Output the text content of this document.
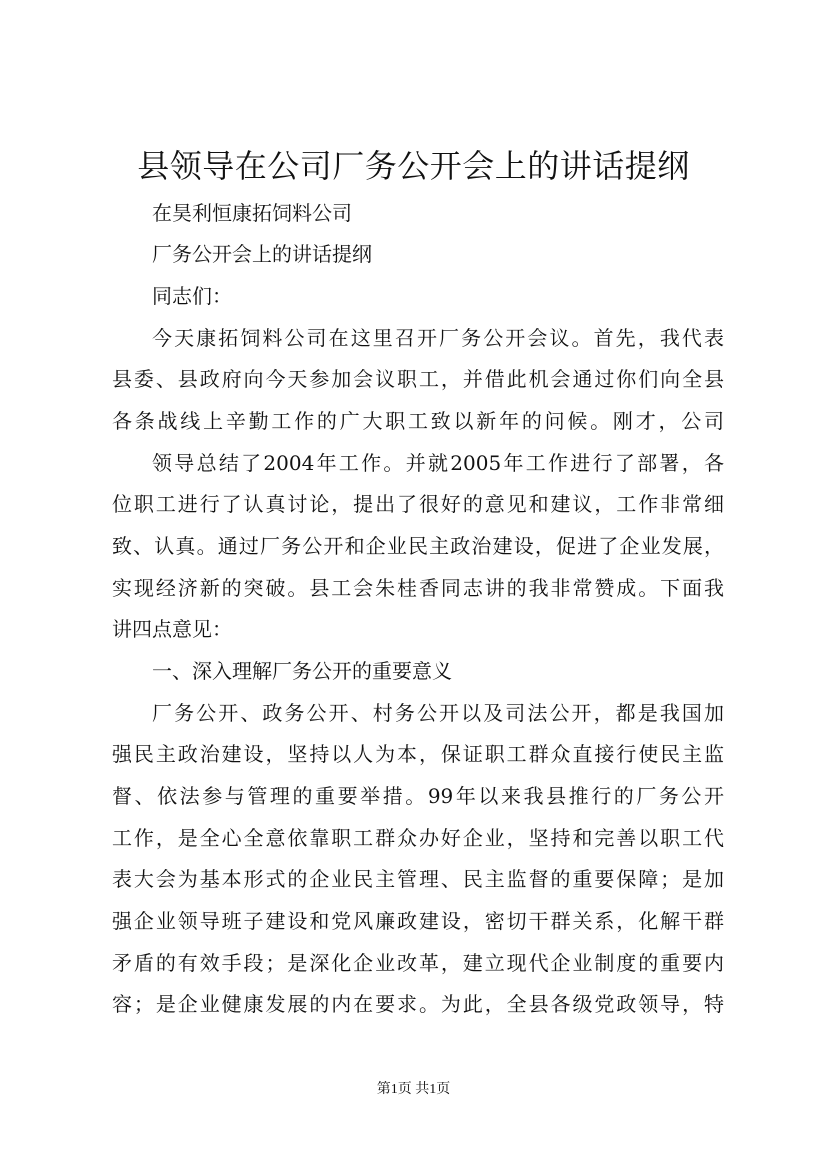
县领导在公司厂务公开会上的讲话提纲
在昊利恒康拓饲料公司
厂务公开会上的讲话提纲
同志们：
今天康拓饲料公司在这里召开厂务公开会议。首先，我代表
县委、县政府向今天参加会议职工，并借此机会通过你们向全县
各条战线上辛勤工作的广大职工致以新年的问候。刚才，公司
领导总结了2004年工作。并就2005年工作进行了部署，各
位职工进行了认真讨论，提出了很好的意见和建议，工作非常细
致、认真。通过厂务公开和企业民主政治建设，促进了企业发展，
实现经济新的突破。县工会朱桂香同志讲的我非常赞成。下面我
讲四点意见：
一、深入理解厂务公开的重要意义
厂务公开、政务公开、村务公开以及司法公开，都是我国加
强民主政治建设，坚持以人为本，保证职工群众直接行使民主监
督、依法参与管理的重要举措。99年以来我县推行的厂务公开
工作，是全心全意依靠职工群众办好企业，坚持和完善以职工代
表大会为基本形式的企业民主管理、民主监督的重要保障；是加
强企业领导班子建设和党风廉政建设，密切干群关系，化解干群
矛盾的有效手段；是深化企业改革，建立现代企业制度的重要内
容；是企业健康发展的内在要求。为此，全县各级党政领导，特
第1页 共1页
